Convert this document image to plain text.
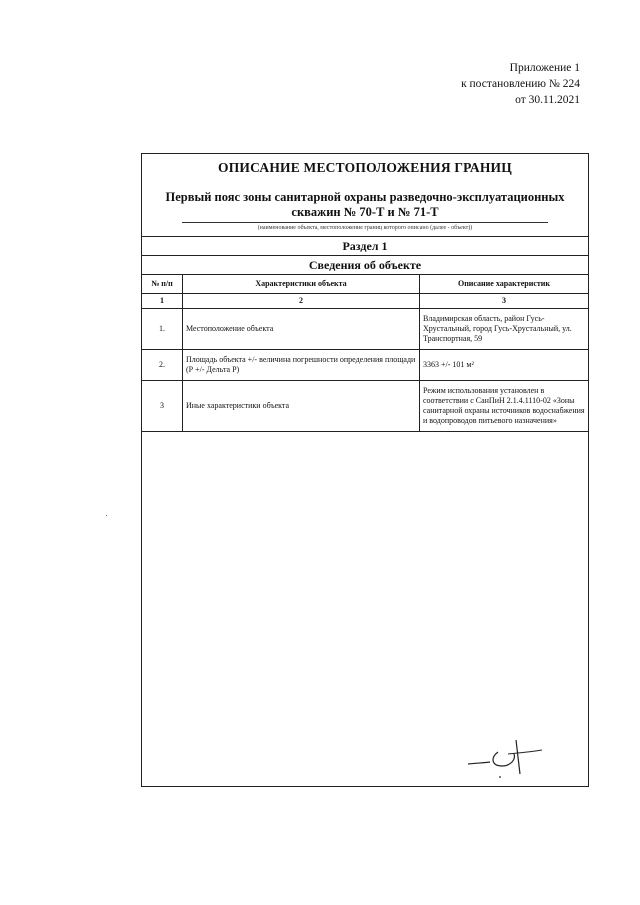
Приложение 1
к постановлению № 224
от 30.11.2021
ОПИСАНИЕ МЕСТОПОЛОЖЕНИЯ ГРАНИЦ
Первый пояс зоны санитарной охраны разведочно-эксплуатационных скважин № 70-Т и № 71-Т
(наименование объекта, местоположение границ которого описано (далее - объект))
Раздел 1
Сведения об объекте
№ п/п	Характеристики объекта	Описание характеристик
1	2	3
1.	Местоположение объекта	Владимирская область, район Гусь-Хрустальный, город Гусь-Хрустальный, ул. Транспортная, 59
2.	Площадь объекта +/- величина погрешности определения площади (Р +/- Дельта Р)	3363 +/- 101 м²
3	Иные характеристики объекта	Режим использования установлен в соответствии с СанПиН 2.1.4.1110-02 «Зоны санитарной охраны источников водоснабжения и водопроводов питьевого назначения»
